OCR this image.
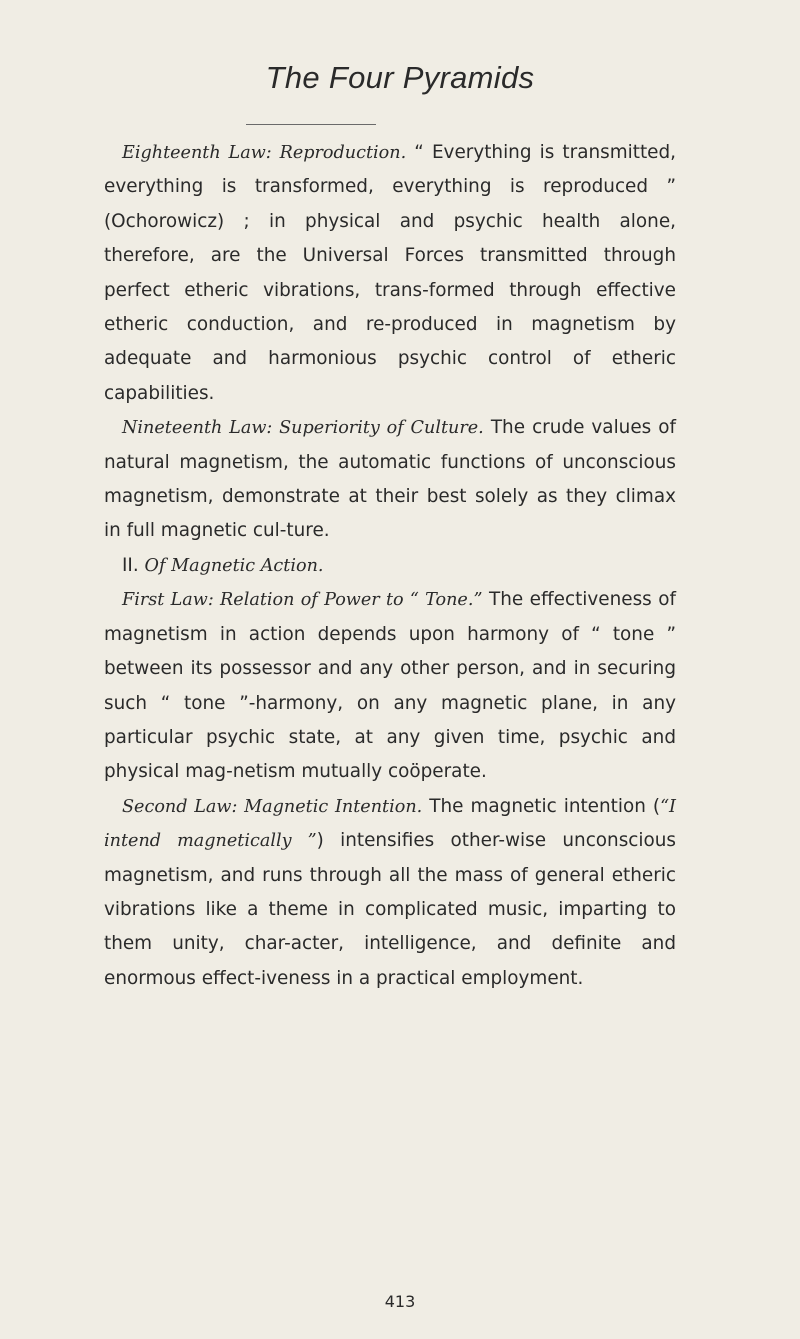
The Four Pyramids

Eighteenth Law: Reproduction. “ Everything is transmitted, everything is transformed, everything is reproduced ” (Ochorowicz) ; in physical and psychic health alone, therefore, are the Universal Forces transmitted through perfect etheric vibrations, trans-formed through effective etheric conduction, and re-produced in magnetism by adequate and harmonious psychic control of etheric capabilities.

Nineteenth Law: Superiority of Culture. The crude values of natural magnetism, the automatic functions of unconscious magnetism, demonstrate at their best solely as they climax in full magnetic cul-ture.

II. Of Magnetic Action.

First Law: Relation of Power to “ Tone.” The effectiveness of magnetism in action depends upon harmony of “ tone ” between its possessor and any other person, and in securing such “ tone ”-harmony, on any magnetic plane, in any particular psychic state, at any given time, psychic and physical mag-netism mutually coöperate.

Second Law: Magnetic Intention. The magnetic intention (“I intend magnetically ”) intensifies other-wise unconscious magnetism, and runs through all the mass of general etheric vibrations like a theme in complicated music, imparting to them unity, char-acter, intelligence, and definite and enormous effect-iveness in a practical employment.

413
